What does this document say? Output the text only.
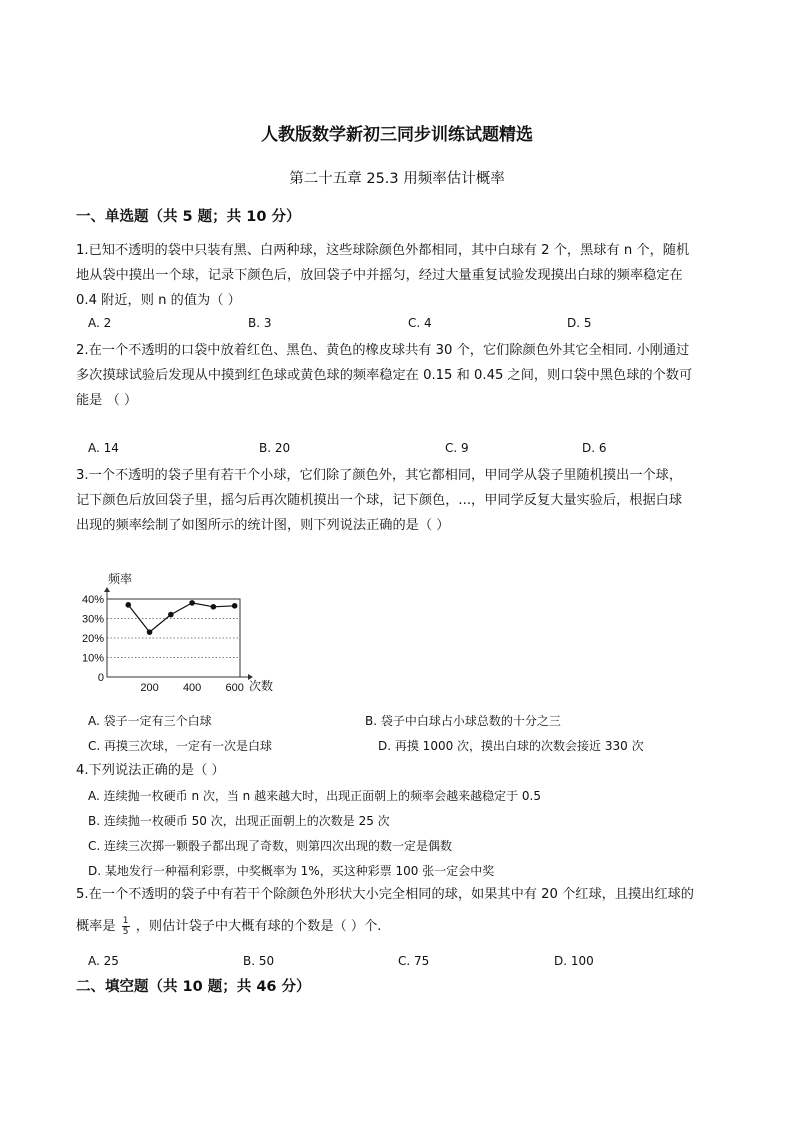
人教版数学新初三同步训练试题精选
第二十五章 25.3 用频率估计概率
一、单选题（共 5 题；共 10 分）
1.已知不透明的袋中只装有黑、白两种球，这些球除颜色外都相同，其中白球有 2 个，黑球有 n 个，随机
地从袋中摸出一个球，记录下颜色后，放回袋子中并摇匀，经过大量重复试验发现摸出白球的频率稳定在
0.4 附近，则 n 的值为（ ）
A. 2	B. 3	C. 4	D. 5
2.在一个不透明的口袋中放着红色、黑色、黄色的橡皮球共有 30 个，它们除颜色外其它全相同. 小刚通过
多次摸球试验后发现从中摸到红色球或黄色球的频率稳定在 0.15 和 0.45 之间，则口袋中黑色球的个数可
能是 （ ）
A. 14	B. 20	C. 9	D. 6
3.一个不透明的袋子里有若干个小球，它们除了颜色外，其它都相同，甲同学从袋子里随机摸出一个球，
记下颜色后放回袋子里，摇匀后再次随机摸出一个球，记下颜色，...，甲同学反复大量实验后，根据白球
出现的频率绘制了如图所示的统计图，则下列说法正确的是（ ）
频率
0
10%
20%
30%
40%
200 400 600 次数
A. 袋子一定有三个白球	B. 袋子中白球占小球总数的十分之三
C. 再摸三次球，一定有一次是白球	D. 再摸 1000 次，摸出白球的次数会接近 330 次
4.下列说法正确的是（ ）
A. 连续抛一枚硬币 n 次，当 n 越来越大时，出现正面朝上的频率会越来越稳定于 0.5
B. 连续抛一枚硬币 50 次，出现正面朝上的次数是 25 次
C. 连续三次掷一颗骰子都出现了奇数，则第四次出现的数一定是偶数
D. 某地发行一种福利彩票，中奖概率为 1%，买这种彩票 100 张一定会中奖
5.在一个不透明的袋子中有若干个除颜色外形状大小完全相同的球，如果其中有 20 个红球，且摸出红球的
概率是 $\frac{1}{5}$ ，则估计袋子中大概有球的个数是（ ）个.
A. 25	B. 50	C. 75	D. 100
二、填空题（共 10 题；共 46 分）
